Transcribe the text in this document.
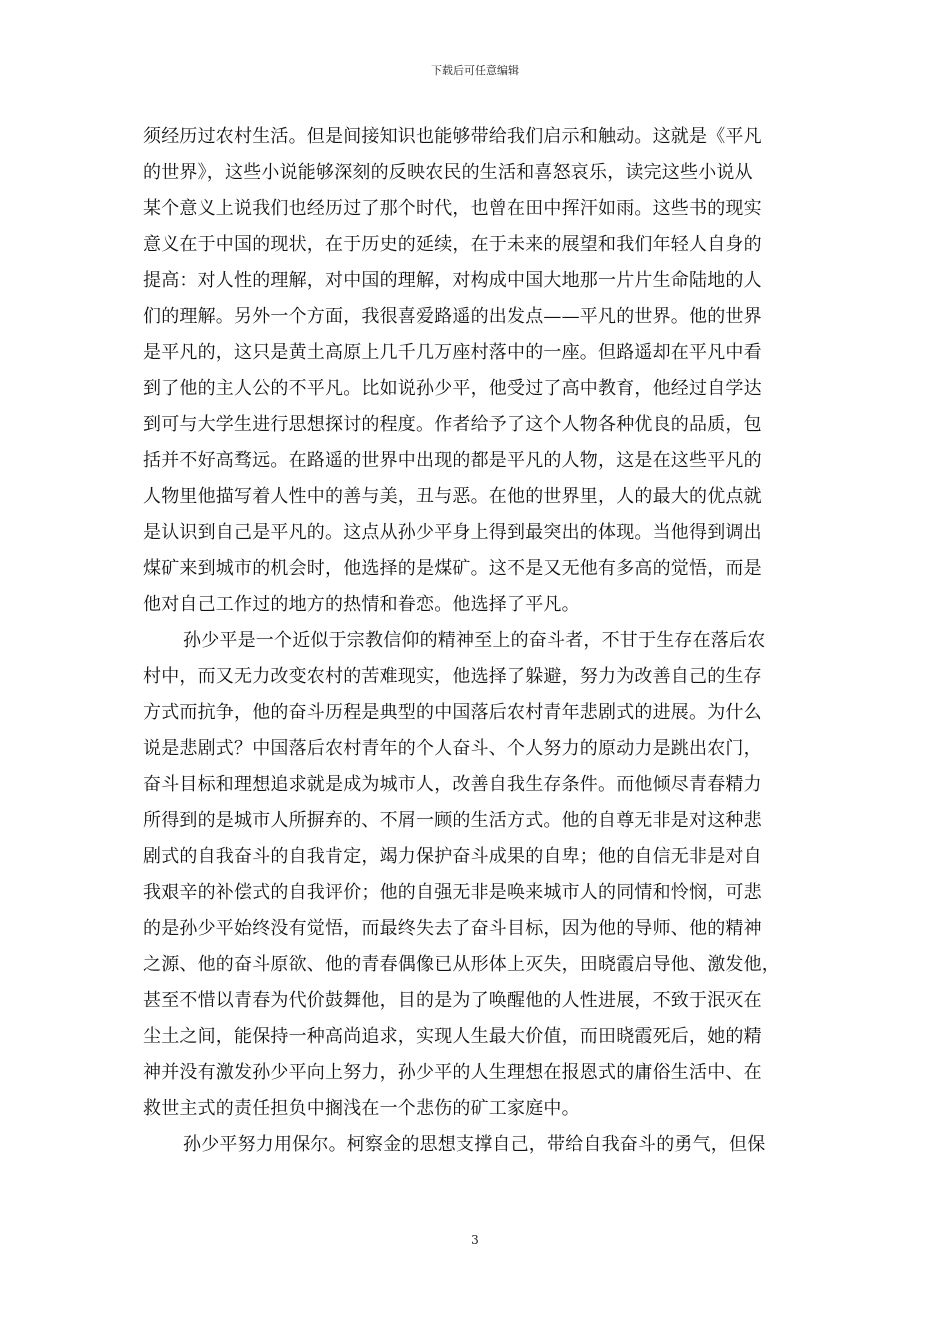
下载后可任意编辑
须经历过农村生活。但是间接知识也能够带给我们启示和触动。这就是《平凡
的世界》，这些小说能够深刻的反映农民的生活和喜怒哀乐，读完这些小说从
某个意义上说我们也经历过了那个时代，也曾在田中挥汗如雨。这些书的现实
意义在于中国的现状，在于历史的延续，在于未来的展望和我们年轻人自身的
提高：对人性的理解，对中国的理解，对构成中国大地那一片片生命陆地的人
们的理解。另外一个方面，我很喜爱路遥的出发点——平凡的世界。他的世界
是平凡的，这只是黄土高原上几千几万座村落中的一座。但路遥却在平凡中看
到了他的主人公的不平凡。比如说孙少平，他受过了高中教育，他经过自学达
到可与大学生进行思想探讨的程度。作者给予了这个人物各种优良的品质，包
括并不好高骛远。在路遥的世界中出现的都是平凡的人物，这是在这些平凡的
人物里他描写着人性中的善与美，丑与恶。在他的世界里，人的最大的优点就
是认识到自己是平凡的。这点从孙少平身上得到最突出的体现。当他得到调出
煤矿来到城市的机会时，他选择的是煤矿。这不是又无他有多高的觉悟，而是
他对自己工作过的地方的热情和眷恋。他选择了平凡。
孙少平是一个近似于宗教信仰的精神至上的奋斗者，不甘于生存在落后农
村中，而又无力改变农村的苦难现实，他选择了躲避，努力为改善自己的生存
方式而抗争，他的奋斗历程是典型的中国落后农村青年悲剧式的进展。为什么
说是悲剧式？中国落后农村青年的个人奋斗、个人努力的原动力是跳出农门，
奋斗目标和理想追求就是成为城市人，改善自我生存条件。而他倾尽青春精力
所得到的是城市人所摒弃的、不屑一顾的生活方式。他的自尊无非是对这种悲
剧式的自我奋斗的自我肯定，竭力保护奋斗成果的自卑；他的自信无非是对自
我艰辛的补偿式的自我评价；他的自强无非是唤来城市人的同情和怜悯，可悲
的是孙少平始终没有觉悟，而最终失去了奋斗目标，因为他的导师、他的精神
之源、他的奋斗原欲、他的青春偶像已从形体上灭失，田晓霞启导他、激发他，
甚至不惜以青春为代价鼓舞他，目的是为了唤醒他的人性进展，不致于泯灭在
尘土之间，能保持一种高尚追求，实现人生最大价值，而田晓霞死后，她的精
神并没有激发孙少平向上努力，孙少平的人生理想在报恩式的庸俗生活中、在
救世主式的责任担负中搁浅在一个悲伤的矿工家庭中。
孙少平努力用保尔。柯察金的思想支撑自己，带给自我奋斗的勇气，但保
3
